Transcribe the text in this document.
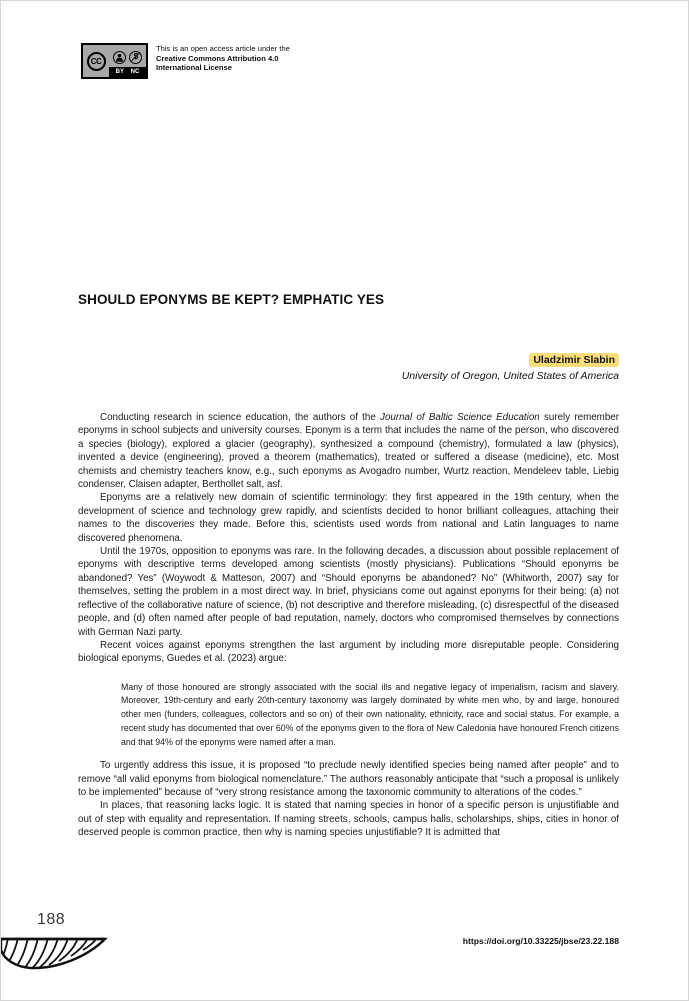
CC
BY NC
This is an open access article under the
Creative Commons Attribution 4.0
International License
SHOULD EPONYMS BE KEPT? EMPHATIC YES
Uladzimir Slabin
University of Oregon, United States of America

Conducting research in science education, the authors of the Journal of Baltic Science Education surely remember eponyms in school subjects and university courses. Eponym is a term that includes the name of the person, who discovered a species (biology), explored a glacier (geography), synthesized a compound (chemistry), formulated a law (physics), invented a device (engineering), proved a theorem (mathematics), treated or suffered a disease (medicine), etc. Most chemists and chemistry teachers know, e.g., such eponyms as Avogadro number, Wurtz reaction, Mendeleev table, Liebig condenser, Claisen adapter, Berthollet salt, asf.

Eponyms are a relatively new domain of scientific terminology: they first appeared in the 19th century, when the development of science and technology grew rapidly, and scientists decided to honor brilliant colleagues, attaching their names to the discoveries they made. Before this, scientists used words from national and Latin languages to name discovered phenomena.

Until the 1970s, opposition to eponyms was rare. In the following decades, a discussion about possible replacement of eponyms with descriptive terms developed among scientists (mostly physicians). Publications “Should eponyms be abandoned? Yes” (Woywodt & Matteson, 2007) and “Should eponyms be abandoned? No” (Whitworth, 2007) say for themselves, setting the problem in a most direct way. In brief, physicians come out against eponyms for their being: (a) not reflective of the collaborative nature of science, (b) not descriptive and therefore misleading, (c) disrespectful of the diseased people, and (d) often named after people of bad reputation, namely, doctors who compromised themselves by connections with German Nazi party.

Recent voices against eponyms strengthen the last argument by including more disreputable people. Considering biological eponyms, Guedes et al. (2023) argue:

Many of those honoured are strongly associated with the social ills and negative legacy of imperialism, racism and slavery. Moreover, 19th-century and early 20th-century taxonomy was largely dominated by white men who, by and large, honoured other men (funders, colleagues, collectors and so on) of their own nationality, ethnicity, race and social status. For example, a recent study has documented that over 60% of the eponyms given to the flora of New Caledonia have honoured French citizens and that 94% of the eponyms were named after a man.

To urgently address this issue, it is proposed “to preclude newly identified species being named after people” and to remove “all valid eponyms from biological nomenclature.” The authors reasonably anticipate that “such a proposal is unlikely to be implemented” because of “very strong resistance among the taxonomic community to alterations of the codes.”

In places, that reasoning lacks logic. It is stated that naming species in honor of a specific person is unjustifiable and out of step with equality and representation. If naming streets, schools, campus halls, scholarships, ships, cities in honor of deserved people is common practice, then why is naming species unjustifiable? It is admitted that

188
https://doi.org/10.33225/jbse/23.22.188
